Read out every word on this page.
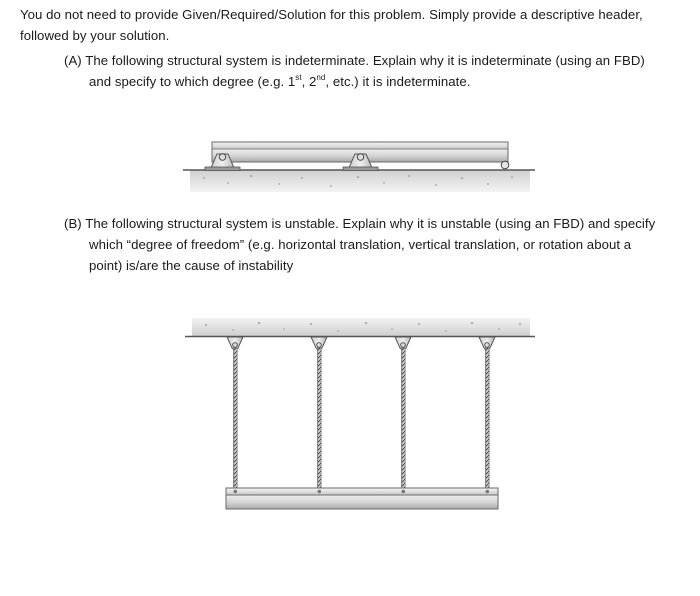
You do not need to provide Given/Required/Solution for this problem. Simply provide a descriptive header,
followed by your solution.
(A) The following structural system is indeterminate. Explain why it is indeterminate (using an FBD)
and specify to which degree (e.g. 1st, 2nd, etc.) it is indeterminate.
(B) The following structural system is unstable. Explain why it is unstable (using an FBD) and specify
which “degree of freedom” (e.g. horizontal translation, vertical translation, or rotation about a
point) is/are the cause of instability
